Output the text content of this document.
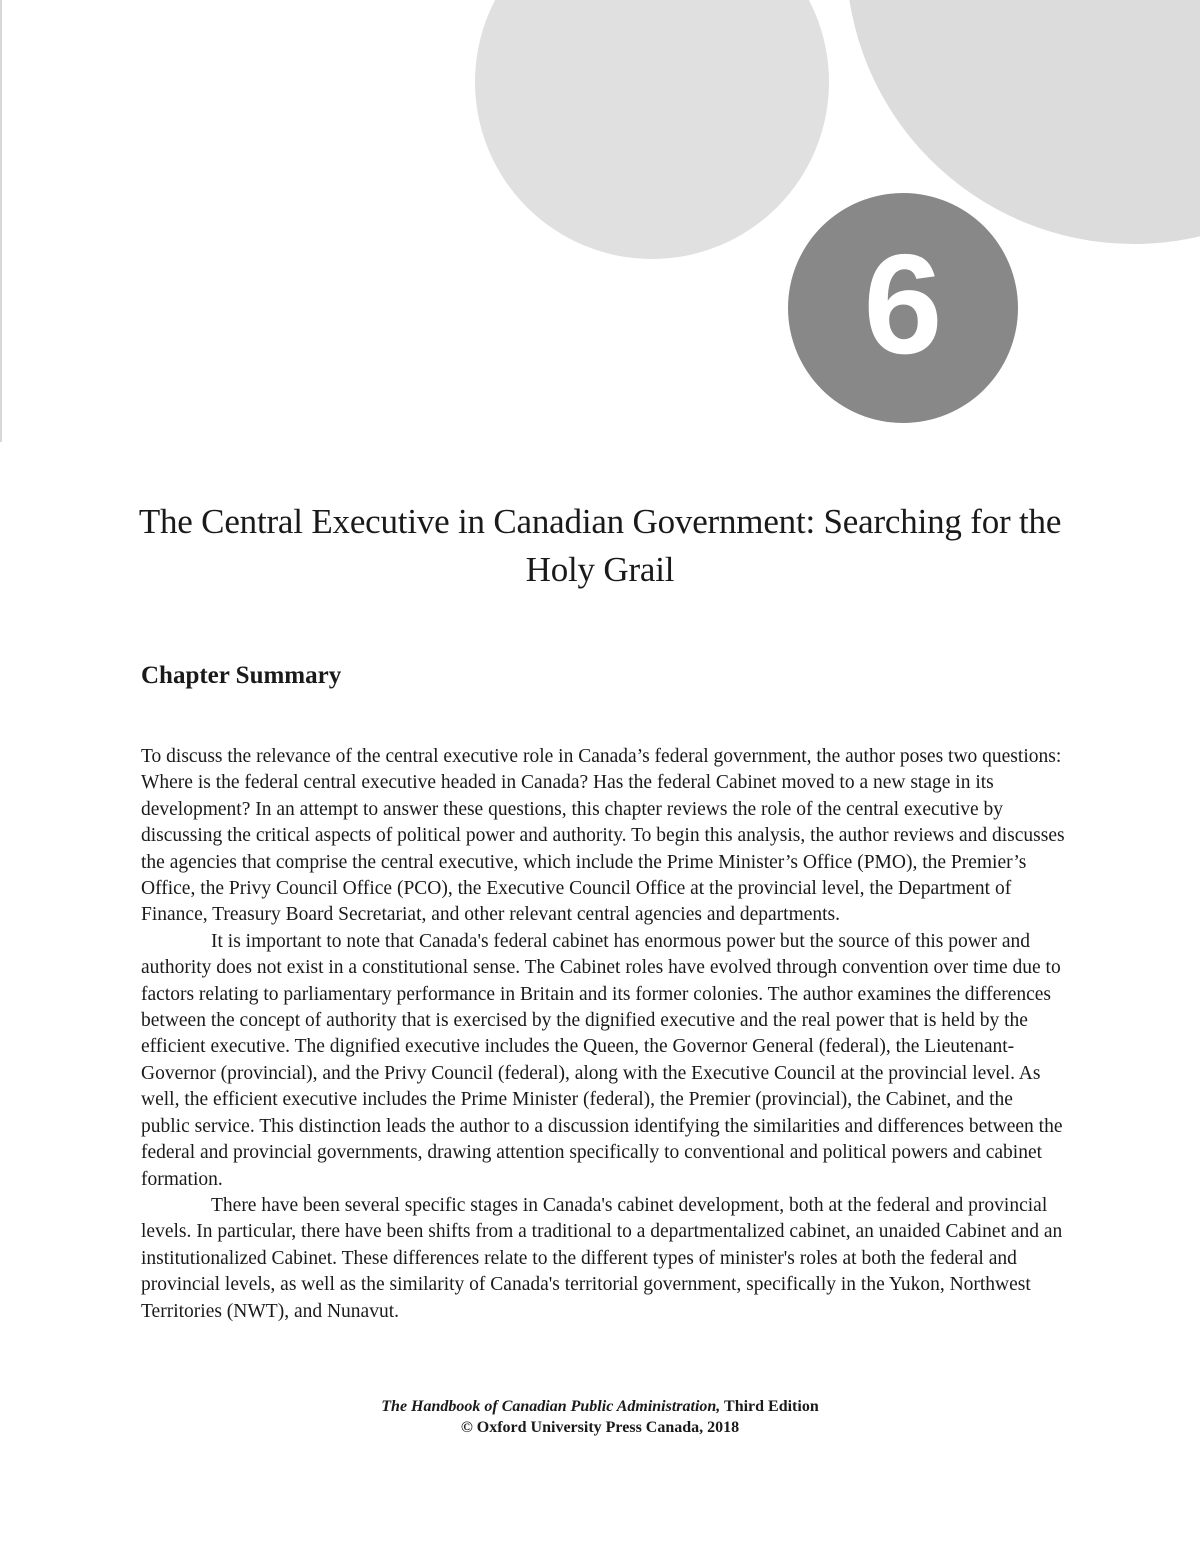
6
The Central Executive in Canadian Government: Searching for the Holy Grail
Chapter Summary

To discuss the relevance of the central executive role in Canada’s federal government, the author poses two questions: Where is the federal central executive headed in Canada? Has the federal Cabinet moved to a new stage in its development? In an attempt to answer these questions, this chapter reviews the role of the central executive by discussing the critical aspects of political power and authority. To begin this analysis, the author reviews and discusses the agencies that comprise the central executive, which include the Prime Minister’s Office (PMO), the Premier’s Office, the Privy Council Office (PCO), the Executive Council Office at the provincial level, the Department of Finance, Treasury Board Secretariat, and other relevant central agencies and departments.

It is important to note that Canada's federal cabinet has enormous power but the source of this power and authority does not exist in a constitutional sense. The Cabinet roles have evolved through convention over time due to factors relating to parliamentary performance in Britain and its former colonies. The author examines the differences between the concept of authority that is exercised by the dignified executive and the real power that is held by the efficient executive. The dignified executive includes the Queen, the Governor General (federal), the Lieutenant-Governor (provincial), and the Privy Council (federal), along with the Executive Council at the provincial level. As well, the efficient executive includes the Prime Minister (federal), the Premier (provincial), the Cabinet, and the public service. This distinction leads the author to a discussion identifying the similarities and differences between the federal and provincial governments, drawing attention specifically to conventional and political powers and cabinet formation.

There have been several specific stages in Canada's cabinet development, both at the federal and provincial levels. In particular, there have been shifts from a traditional to a departmentalized cabinet, an unaided Cabinet and an institutionalized Cabinet. These differences relate to the different types of minister's roles at both the federal and provincial levels, as well as the similarity of Canada's territorial government, specifically in the Yukon, Northwest Territories (NWT), and Nunavut.

The Handbook of Canadian Public Administration, Third Edition
© Oxford University Press Canada, 2018
